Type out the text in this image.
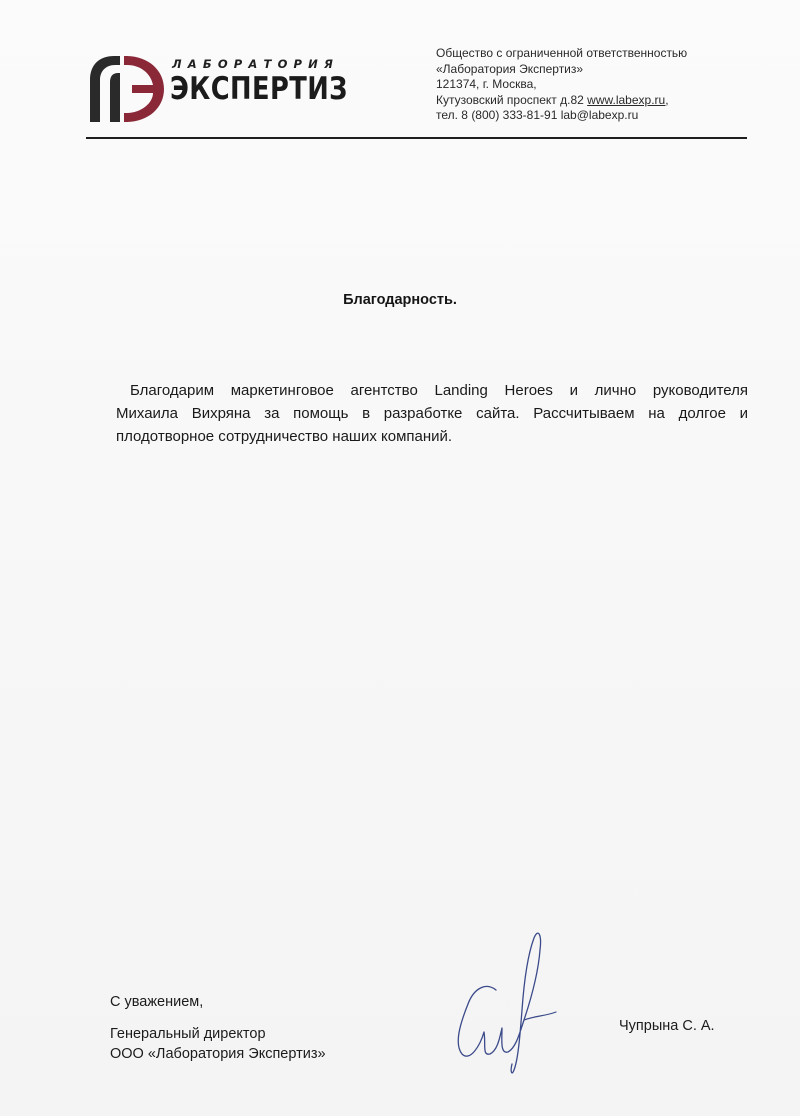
ЛАБОРАТОРИЯ
ЭКСПЕРТИЗ
Общество с ограниченной ответственностью
«Лаборатория Экспертиз»
121374, г. Москва,
Кутузовский проспект д.82 www.labexp.ru,
тел. 8 (800) 333-81-91 lab@labexp.ru
Благодарность.
Благодарим маркетинговое агентство Landing Heroes и лично руководителя
Михаила Вихряна за помощь в разработке сайта. Рассчитываем на долгое и
плодотворное сотрудничество наших компаний.
С уважением,
Генеральный директор
ООО «Лаборатория Экспертиз»
Чупрына С. А.
